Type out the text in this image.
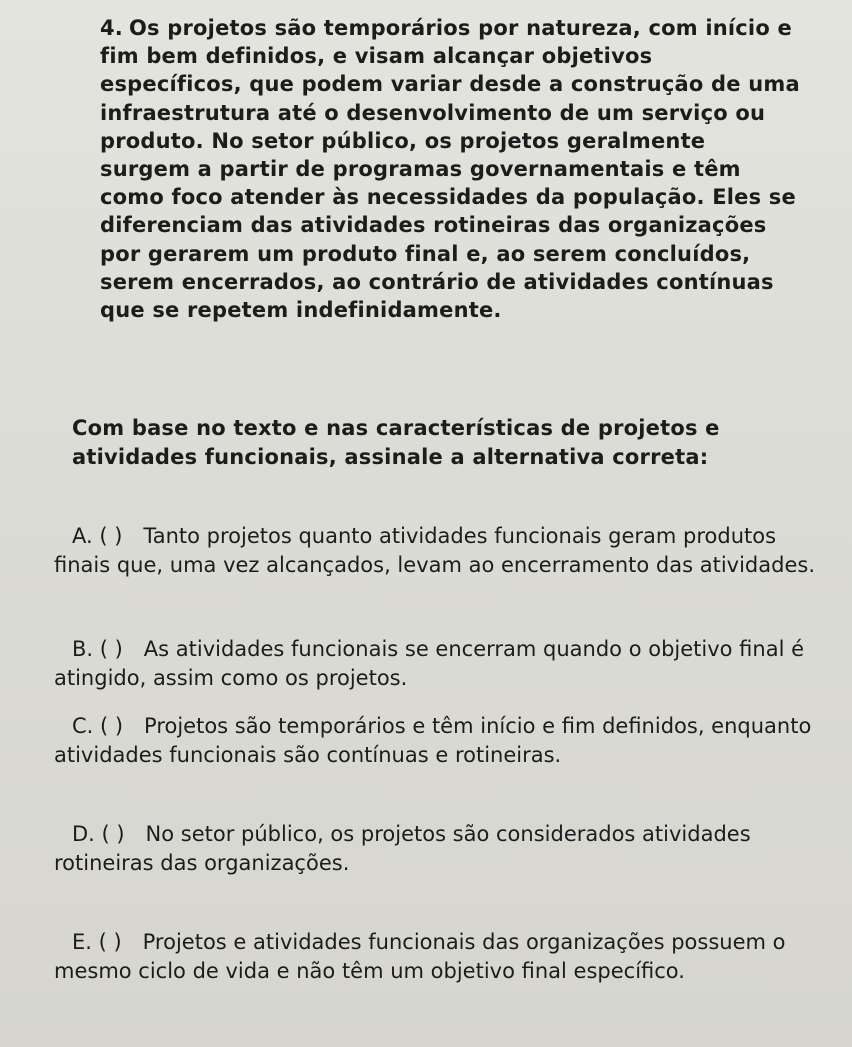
4. Os projetos são temporários por natureza, com início e fim bem definidos, e visam alcançar objetivos específicos, que podem variar desde a construção de uma infraestrutura até o desenvolvimento de um serviço ou produto. No setor público, os projetos geralmente surgem a partir de programas governamentais e têm como foco atender às necessidades da população. Eles se diferenciam das atividades rotineiras das organizações por gerarem um produto final e, ao serem concluídos, serem encerrados, ao contrário de atividades contínuas que se repetem indefinidamente.

Com base no texto e nas características de projetos e atividades funcionais, assinale a alternativa correta:

A. ( ) Tanto projetos quanto atividades funcionais geram produtos finais que, uma vez alcançados, levam ao encerramento das atividades.

B. ( ) As atividades funcionais se encerram quando o objetivo final é atingido, assim como os projetos.

C. ( ) Projetos são temporários e têm início e fim definidos, enquanto atividades funcionais são contínuas e rotineiras.

D. ( ) No setor público, os projetos são considerados atividades rotineiras das organizações.

E. ( ) Projetos e atividades funcionais das organizações possuem o mesmo ciclo de vida e não têm um objetivo final específico.
